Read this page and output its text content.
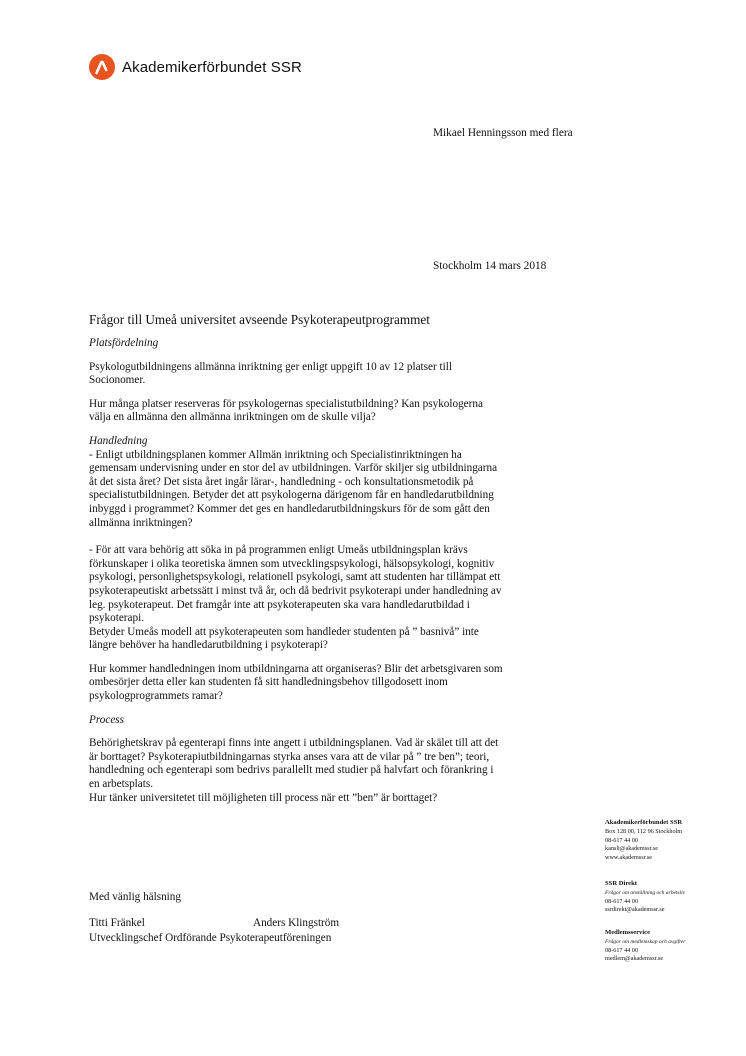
Akademikerförbundet SSR
Mikael Henningsson med flera
Stockholm 14 mars 2018
Frågor till Umeå universitet avseende Psykoterapeutprogrammet

Platsfördelning

Psykologutbildningens allmänna inriktning ger enligt uppgift 10 av 12 platser till
Socionomer.

Hur många platser reserveras för psykologernas specialistutbildning? Kan psykologerna
välja en allmänna den allmänna inriktningen om de skulle vilja?

Handledning
- Enligt utbildningsplanen kommer Allmän inriktning och Specialistinriktningen ha
gemensam undervisning under en stor del av utbildningen. Varför skiljer sig utbildningarna
åt det sista året? Det sista året ingår lärar-, handledning - och konsultationsmetodik på
specialistutbildningen. Betyder det att psykologerna därigenom får en handledarutbildning
inbyggd i programmet? Kommer det ges en handledarutbildningskurs för de som gått den
allmänna inriktningen?

- För att vara behörig att söka in på programmen enligt Umeås utbildningsplan krävs
förkunskaper i olika teoretiska ämnen som utvecklingspsykologi, hälsopsykologi, kognitiv
psykologi, personlighetspsykologi, relationell psykologi, samt att studenten har tillämpat ett
psykoterapeutiskt arbetssätt i minst två år, och då bedrivit psykoterapi under handledning av
leg. psykoterapeut. Det framgår inte att psykoterapeuten ska vara handledarutbildad i
psykoterapi.
Betyder Umeås modell att psykoterapeuten som handleder studenten på ” basnivå” inte
längre behöver ha handledarutbildning i psykoterapi?

Hur kommer handledningen inom utbildningarna att organiseras? Blir det arbetsgivaren som
ombesörjer detta eller kan studenten få sitt handledningsbehov tillgodosett inom
psykologprogrammets ramar?

Process

Behörighetskrav på egenterapi finns inte angett i utbildningsplanen. Vad är skälet till att det
är borttaget? Psykoterapiutbildningarnas styrka anses vara att de vilar på ” tre ben”; teori,
handledning och egenterapi som bedrivs parallellt med studier på halvfart och förankring i
en arbetsplats.
Hur tänker universitetet till möjligheten till process när ett ”ben” är borttaget?

Med vänlig hälsning
Titti Fränkel	Anders Klingström
Utvecklingschef Ordförande Psykoterapeutföreningen
Akademikerförbundet SSR
Box 128 00, 112 96 Stockholm
08-617 44 00
kansli@akademssr.se
www.akademssr.se
SSR Direkt
Frågor om anställning och arbetsliv
08-617 44 00
ssrdirekt@akademssr.se
Medlemsservice
Frågor om medlemskap och avgifter
08-617 44 00
medlem@akademssr.se
